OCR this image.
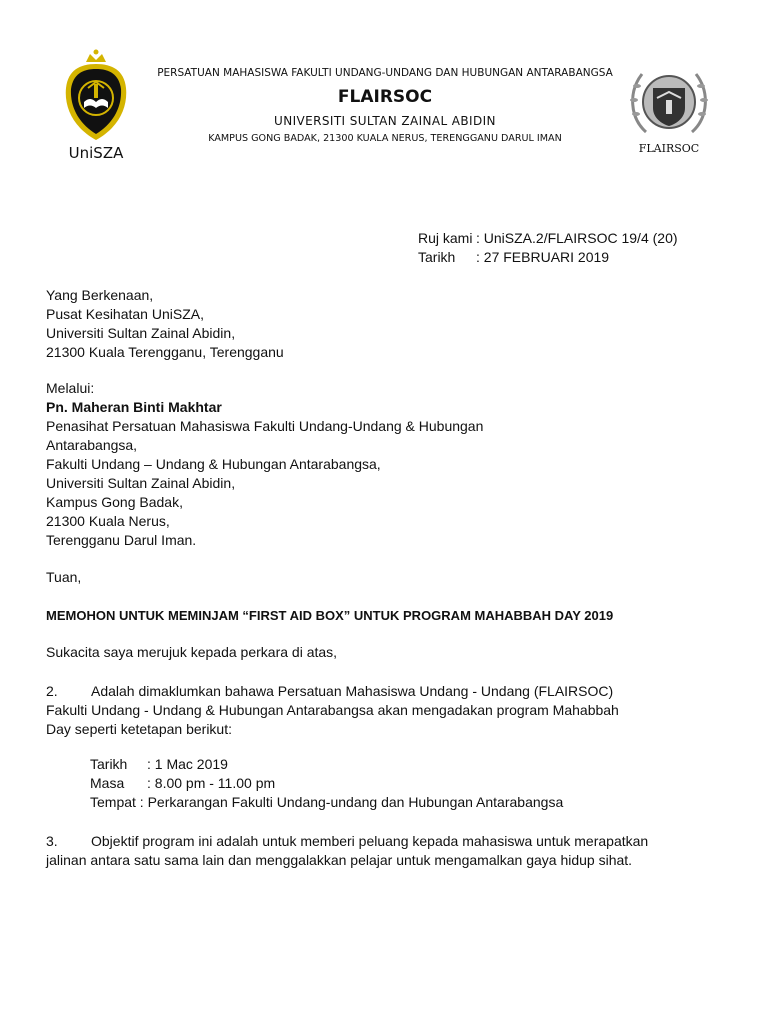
UniSZA
PERSATUAN MAHASISWA FAKULTI UNDANG-UNDANG DAN HUBUNGAN ANTARABANGSA
FLAIRSOC
UNIVERSITI SULTAN ZAINAL ABIDIN
KAMPUS GONG BADAK, 21300 KUALA NERUS, TERENGGANU DARUL IMAN
FLAIRSOC
Ruj kami : UniSZA.2/FLAIRSOC 19/4 (20)
Tarikh	: 27 FEBRUARI 2019
Yang Berkenaan,
Pusat Kesihatan UniSZA,
Universiti Sultan Zainal Abidin,
21300 Kuala Terengganu, Terengganu
Melalui:
Pn. Maheran Binti Makhtar
Penasihat Persatuan Mahasiswa Fakulti Undang-Undang & Hubungan
Antarabangsa,
Fakulti Undang – Undang & Hubungan Antarabangsa,
Universiti Sultan Zainal Abidin,
Kampus Gong Badak,
21300 Kuala Nerus,
Terengganu Darul Iman.
Tuan,
MEMOHON UNTUK MEMINJAM “FIRST AID BOX” UNTUK PROGRAM MAHABBAH DAY 2019
Sukacita saya merujuk kepada perkara di atas,
2. Adalah dimaklumkan bahawa Persatuan Mahasiswa Undang - Undang (FLAIRSOC) Fakulti Undang - Undang & Hubungan Antarabangsa akan mengadakan program Mahabbah Day seperti ketetapan berikut:
Tarikh	: 1 Mac 2019
Masa	: 8.00 pm - 11.00 pm
Tempat : Perkarangan Fakulti Undang-undang dan Hubungan Antarabangsa
3. Objektif program ini adalah untuk memberi peluang kepada mahasiswa untuk merapatkan jalinan antara satu sama lain dan menggalakkan pelajar untuk mengamalkan gaya hidup sihat.
